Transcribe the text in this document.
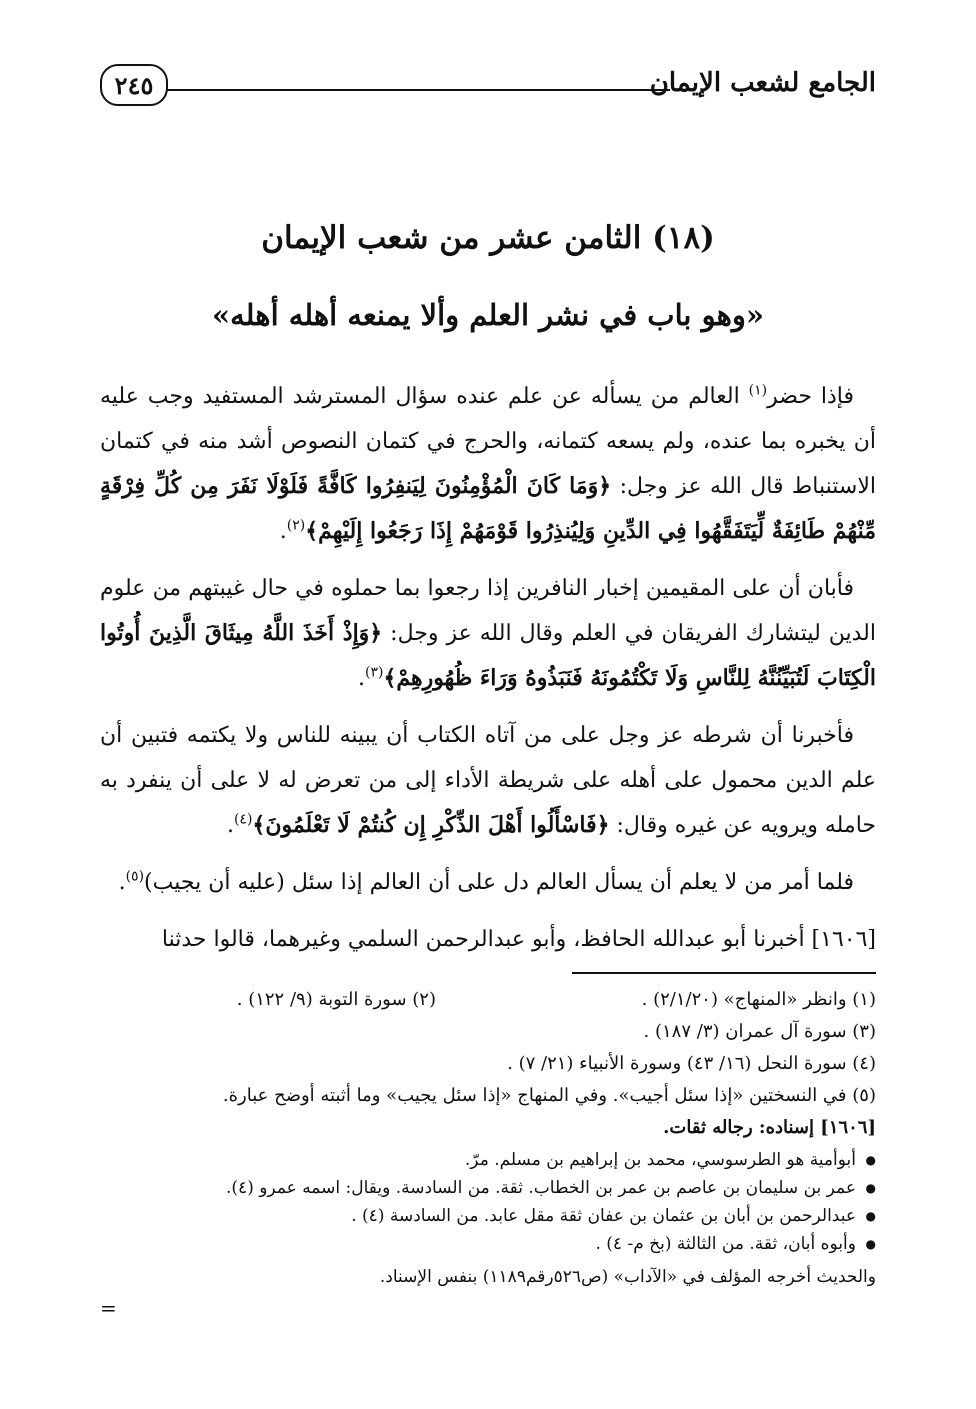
الجامع لشعب الإيمان
٢٤٥
(١٨) الثامن عشر من شعب الإيمان
«وهو باب في نشر العلم وألا يمنعه أهله أهله»

فإذا حضر$^{(١)}$ العالم من يسأله عن علم عنده سؤال المسترشد المستفيد وجب عليه أن يخبره بما عنده، ولم يسعه كتمانه، والحرج في كتمان النصوص أشد منه في كتمان الاستنباط قال الله عز وجل: ﴿وَمَا كَانَ الْمُؤْمِنُونَ لِيَنفِرُوا كَافَّةً فَلَوْلَا نَفَرَ مِن كُلِّ فِرْقَةٍ مِّنْهُمْ طَائِفَةٌ لِّيَتَفَقَّهُوا فِي الدِّينِ وَلِيُنذِرُوا قَوْمَهُمْ إِذَا رَجَعُوا إِلَيْهِمْ﴾$^{(٢)}$.

فأبان أن على المقيمين إخبار النافرين إذا رجعوا بما حملوه في حال غيبتهم من علوم الدين ليتشارك الفريقان في العلم وقال الله عز وجل: ﴿وَإِذْ أَخَذَ اللَّهُ مِيثَاقَ الَّذِينَ أُوتُوا الْكِتَابَ لَتُبَيِّنُنَّهُ لِلنَّاسِ وَلَا تَكْتُمُونَهُ فَنَبَذُوهُ وَرَاءَ ظُهُورِهِمْ﴾$^{(٣)}$.

فأخبرنا أن شرطه عز وجل على من آتاه الكتاب أن يبينه للناس ولا يكتمه فتبين أن علم الدين محمول على أهله على شريطة الأداء إلى من تعرض له لا على أن ينفرد به حامله ويرويه عن غيره وقال: ﴿فَاسْأَلُوا أَهْلَ الذِّكْرِ إِن كُنتُمْ لَا تَعْلَمُونَ﴾$^{(٤)}$.

فلما أمر من لا يعلم أن يسأل العالم دل على أن العالم إذا سئل (عليه أن يجيب)$^{(٥)}$.

[١٦٠٦] أخبرنا أبو عبدالله الحافظ، وأبو عبدالرحمن السلمي وغيرهما، قالوا حدثنا

(١) وانظر «المنهاج» (٢/١/٢٠) .
(٢) سورة التوبة (٩/ ١٢٢) .
(٣) سورة آل عمران (٣/ ١٨٧) .
(٤) سورة النحل (١٦/ ٤٣) وسورة الأنبياء (٢١/ ٧) .
(٥) في النسختين «إذا سئل أجيب». وفي المنهاج «إذا سئل يجيب» وما أثبته أوضح عبارة.
[١٦٠٦] إسناده: رجاله ثقات.
● أبوأمية هو الطرسوسي، محمد بن إبراهيم بن مسلم. مرّ.
● عمر بن سليمان بن عاصم بن عمر بن الخطاب. ثقة. من السادسة. ويقال: اسمه عمرو (٤).
● عبدالرحمن بن أبان بن عثمان بن عفان ثقة مقل عابد. من السادسة (٤) .
● وأبوه أبان، ثقة. من الثالثة (بخ م- ٤) .
والحديث أخرجه المؤلف في «الآداب» (ص٥٢٦رقم١١٨٩) بنفس الإسناد.
=
